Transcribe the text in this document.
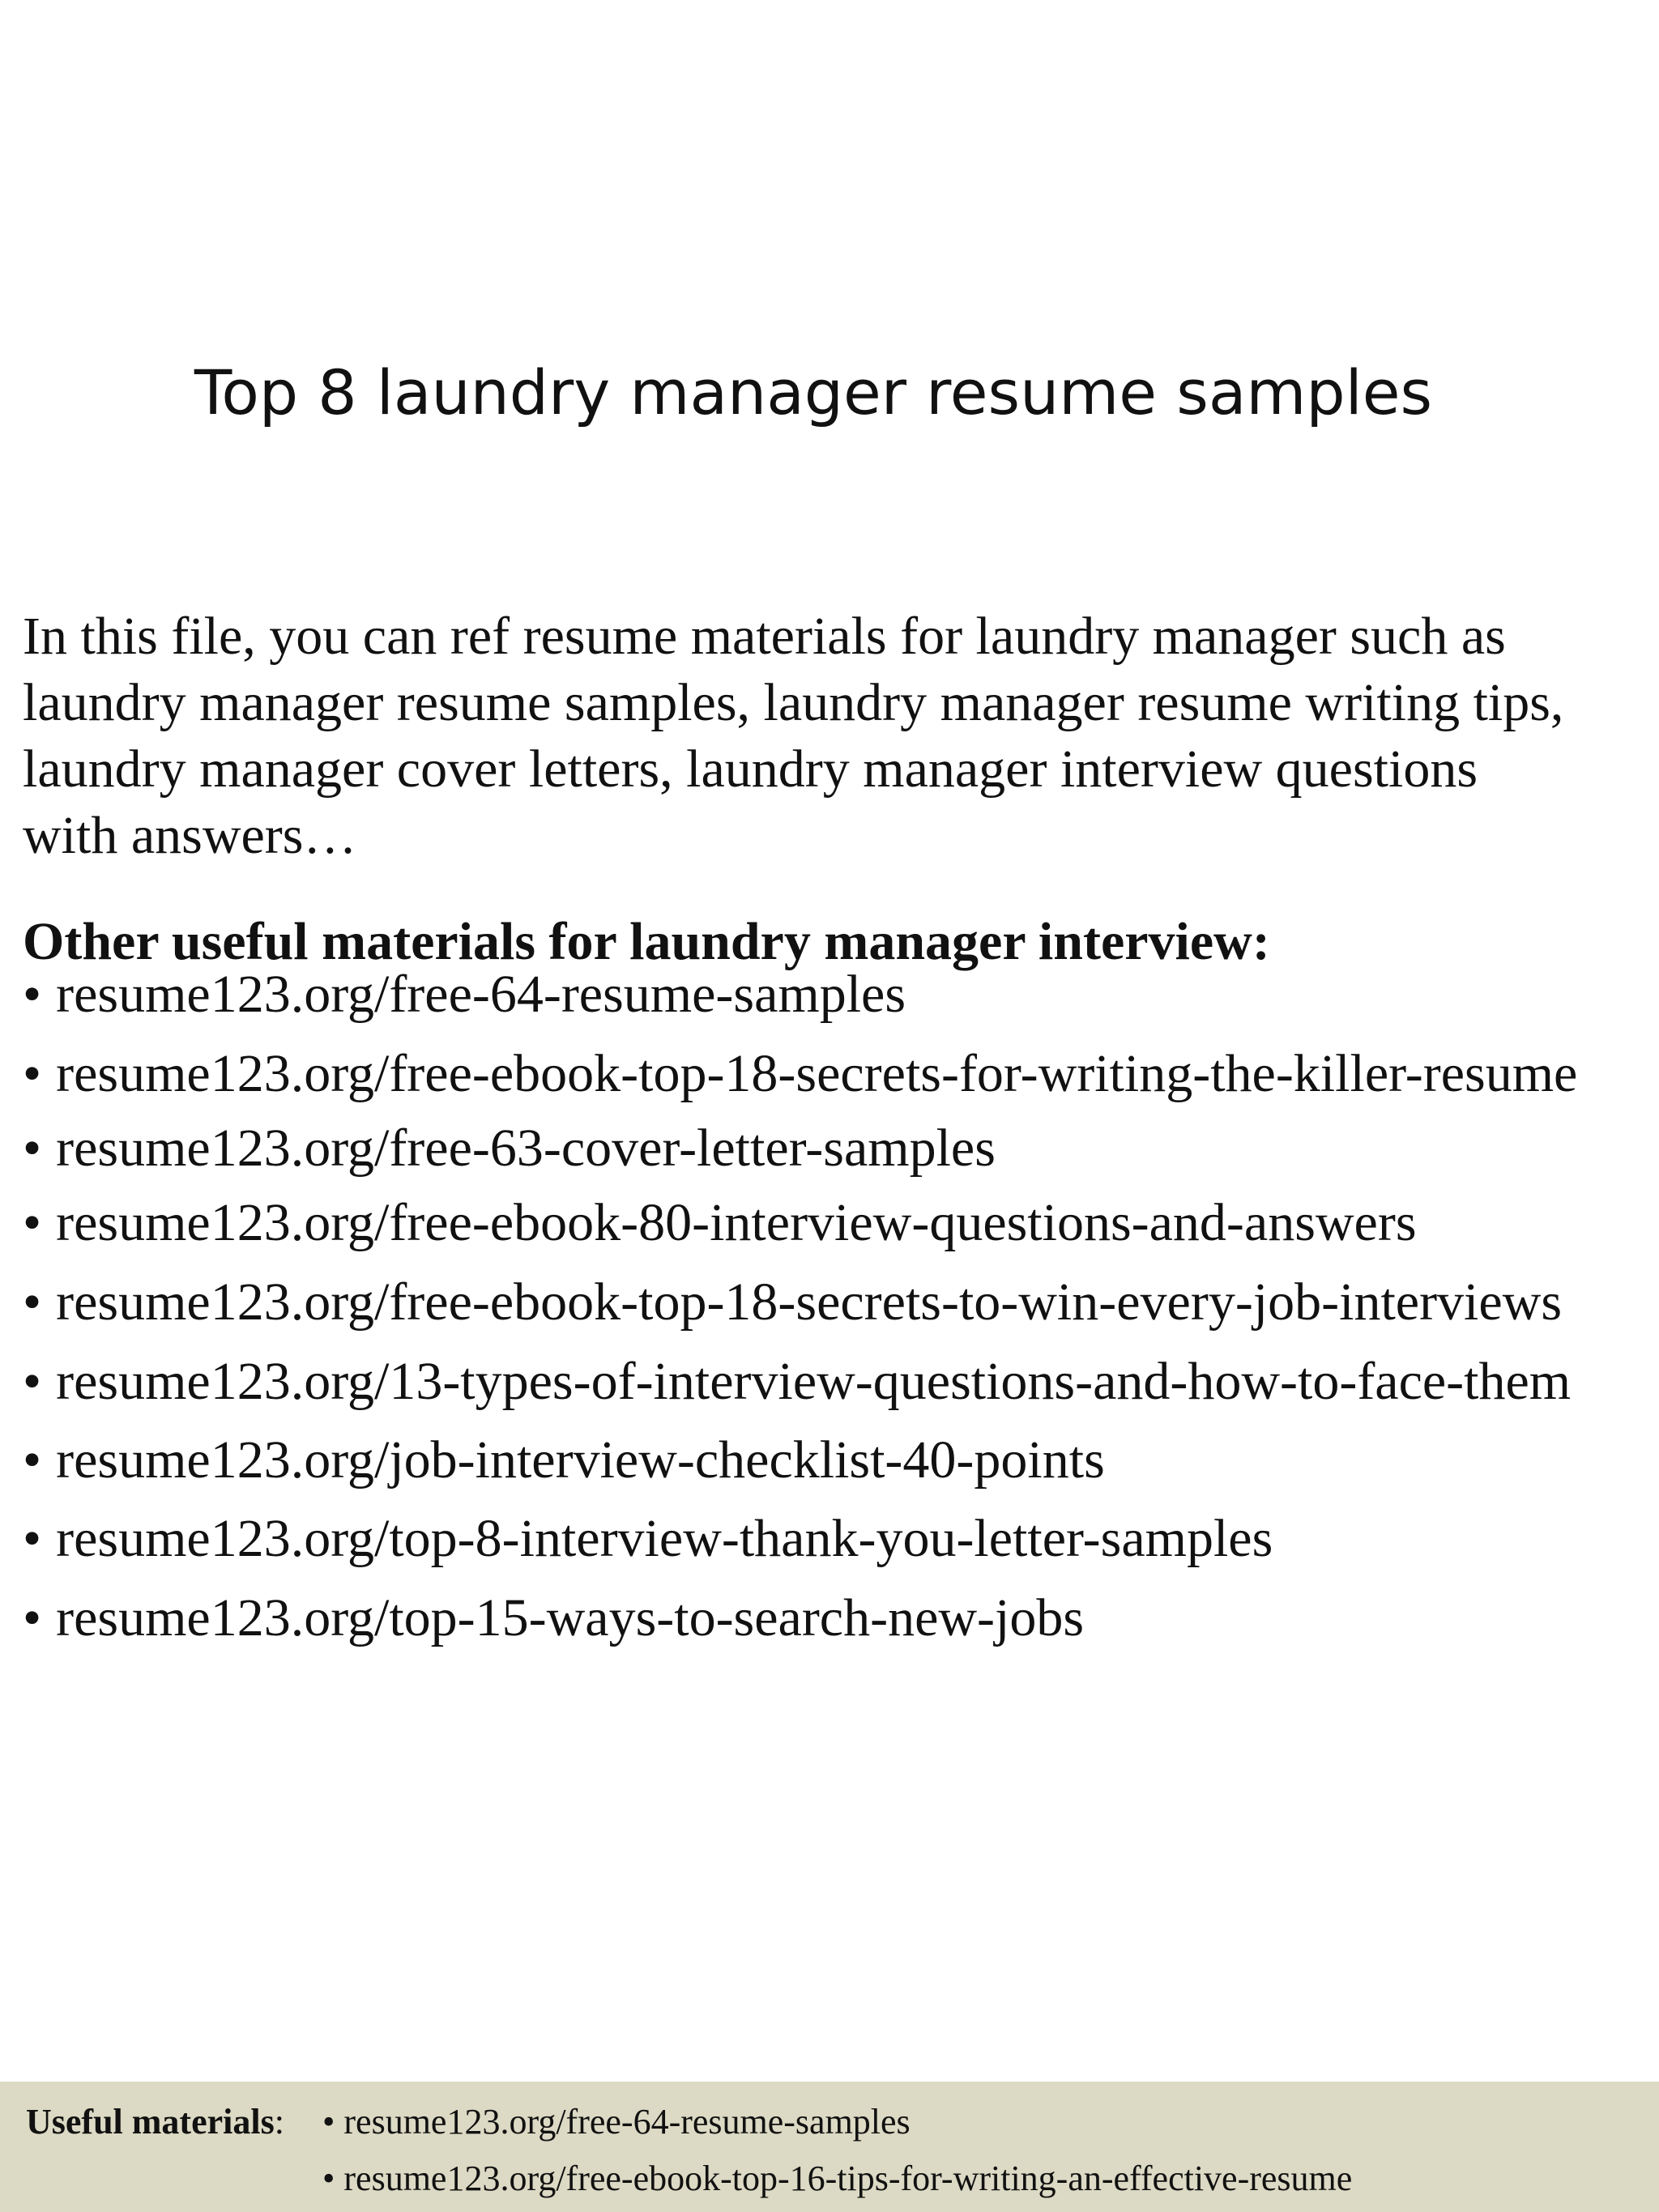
Top 8 laundry manager resume samples
In this file, you can ref resume materials for laundry manager such as
laundry manager resume samples, laundry manager resume writing tips,
laundry manager cover letters, laundry manager interview questions
with answers…
Other useful materials for laundry manager interview:
• resume123.org/free-64-resume-samples
• resume123.org/free-ebook-top-18-secrets-for-writing-the-killer-resume
• resume123.org/free-63-cover-letter-samples
• resume123.org/free-ebook-80-interview-questions-and-answers
• resume123.org/free-ebook-top-18-secrets-to-win-every-job-interviews
• resume123.org/13-types-of-interview-questions-and-how-to-face-them
• resume123.org/job-interview-checklist-40-points
• resume123.org/top-8-interview-thank-you-letter-samples
• resume123.org/top-15-ways-to-search-new-jobs
Useful materials: • resume123.org/free-64-resume-samples
• resume123.org/free-ebook-top-16-tips-for-writing-an-effective-resume
